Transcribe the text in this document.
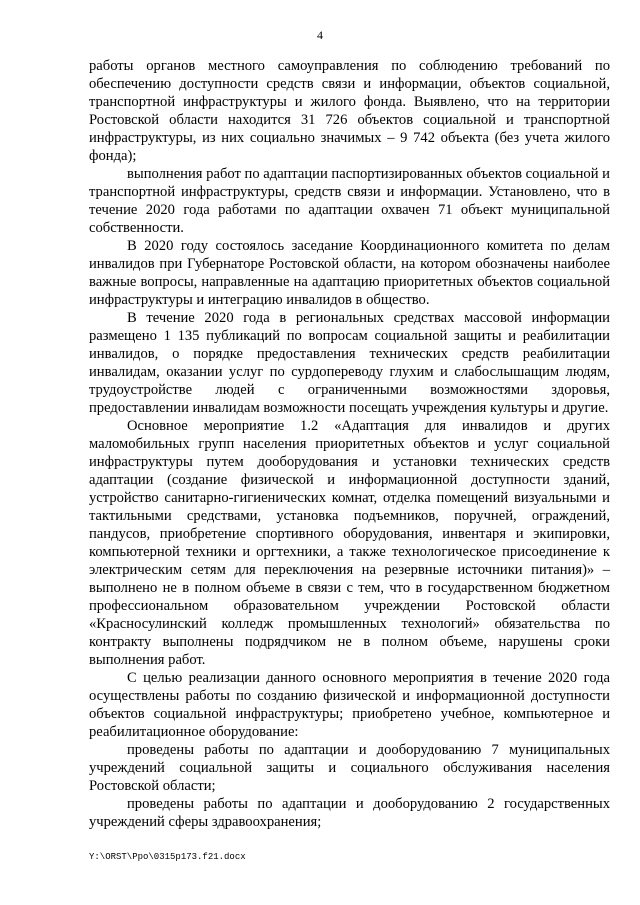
4

работы органов местного самоуправления по соблюдению требований по обеспечению доступности средств связи и информации, объектов социальной, транспортной инфраструктуры и жилого фонда. Выявлено, что на территории Ростовской области находится 31 726 объектов социальной и транспортной инфраструктуры, из них социально значимых – 9 742 объекта (без учета жилого фонда);

выполнения работ по адаптации паспортизированных объектов социальной и транспортной инфраструктуры, средств связи и информации. Установлено, что в течение 2020 года работами по адаптации охвачен 71 объект муниципальной собственности.

В 2020 году состоялось заседание Координационного комитета по делам инвалидов при Губернаторе Ростовской области, на котором обозначены наиболее важные вопросы, направленные на адаптацию приоритетных объектов социальной инфраструктуры и интеграцию инвалидов в общество.

В течение 2020 года в региональных средствах массовой информации размещено 1 135 публикаций по вопросам социальной защиты и реабилитации инвалидов, о порядке предоставления технических средств реабилитации инвалидам, оказании услуг по сурдопереводу глухим и слабослышащим людям, трудоустройстве людей с ограниченными возможностями здоровья, предоставлении инвалидам возможности посещать учреждения культуры и другие.

Основное мероприятие 1.2 «Адаптация для инвалидов и других маломобильных групп населения приоритетных объектов и услуг социальной инфраструктуры путем дооборудования и установки технических средств адаптации (создание физической и информационной доступности зданий, устройство санитарно-гигиенических комнат, отделка помещений визуальными и тактильными средствами, установка подъемников, поручней, ограждений, пандусов, приобретение спортивного оборудования, инвентаря и экипировки, компьютерной техники и оргтехники, а также технологическое присоединение к электрическим сетям для переключения на резервные источники питания)» – выполнено не в полном объеме в связи с тем, что в государственном бюджетном профессиональном образовательном учреждении Ростовской области «Красносулинский колледж промышленных технологий» обязательства по контракту выполнены подрядчиком не в полном объеме, нарушены сроки выполнения работ.

С целью реализации данного основного мероприятия в течение 2020 года осуществлены работы по созданию физической и информационной доступности объектов социальной инфраструктуры; приобретено учебное, компьютерное и реабилитационное оборудование:

проведены работы по адаптации и дооборудованию 7 муниципальных учреждений социальной защиты и социального обслуживания населения Ростовской области;

проведены работы по адаптации и дооборудованию 2 государственных учреждений сферы здравоохранения;

Y:\ORST\Ppo\0315p173.f21.docx
